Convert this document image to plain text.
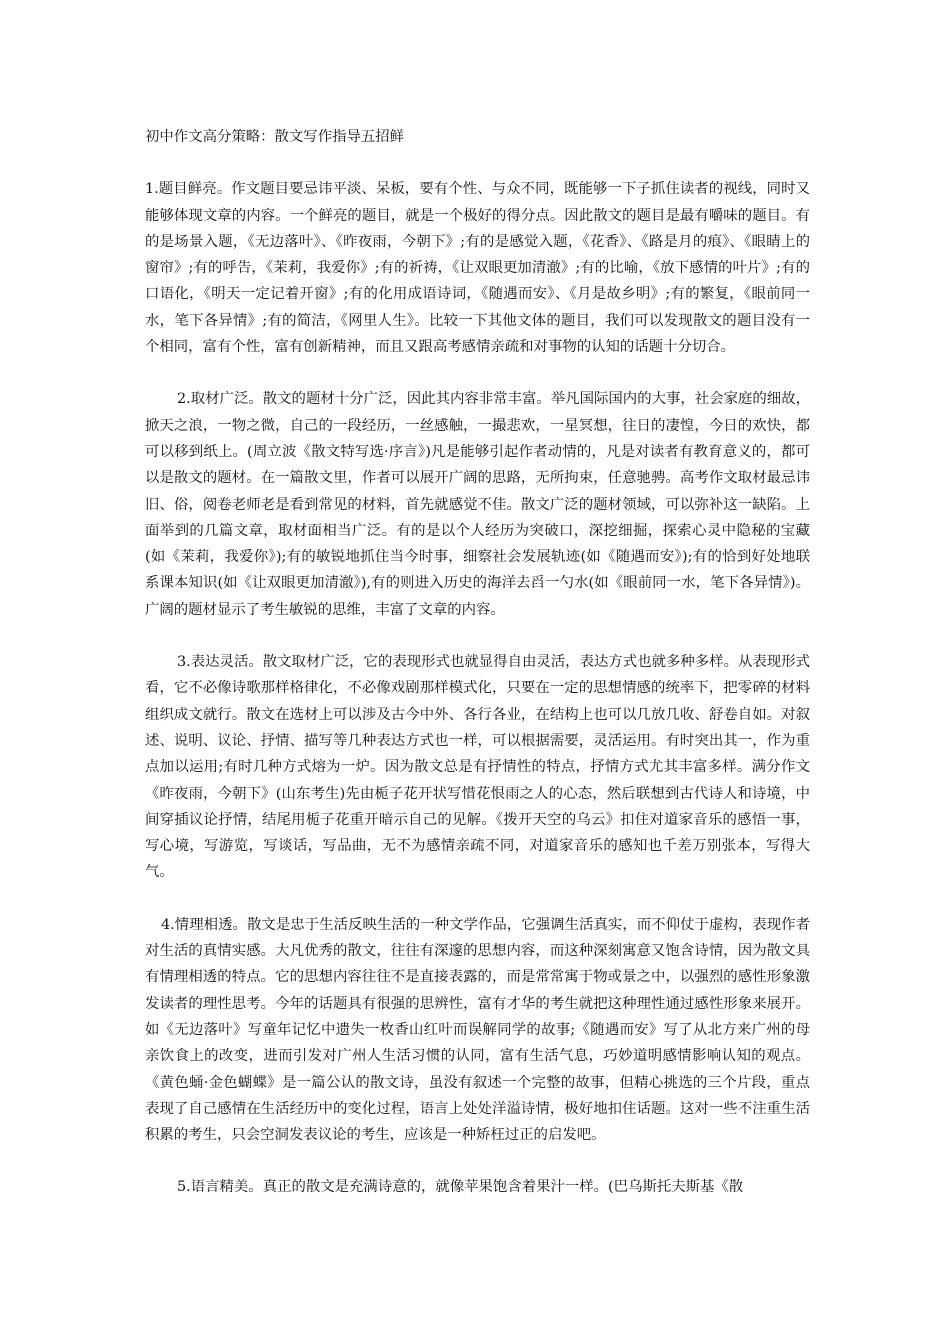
初中作文高分策略：散文写作指导五招鲜

1.题目鲜亮。作文题目要忌讳平淡、呆板，要有个性、与众不同，既能够一下子抓住读者的视线，同时又能够体现文章的内容。一个鲜亮的题目，就是一个极好的得分点。因此散文的题目是最有嚼味的题目。有的是场景入题，《无边落叶》、《昨夜雨，今朝下》;有的是感觉入题，《花香》、《路是月的痕》、《眼睛上的窗帘》;有的呼告，《茉莉，我爱你》;有的祈祷，《让双眼更加清澈》;有的比喻，《放下感情的叶片》;有的口语化，《明天一定记着开窗》;有的化用成语诗词，《随遇而安》、《月是故乡明》;有的繁复，《眼前同一水，笔下各异情》;有的简洁，《网里人生》。比较一下其他文体的题目，我们可以发现散文的题目没有一个相同，富有个性，富有创新精神，而且又跟高考感情亲疏和对事物的认知的话题十分切合。

2.取材广泛。散文的题材十分广泛，因此其内容非常丰富。举凡国际国内的大事，社会家庭的细故，掀天之浪，一物之微，自己的一段经历，一丝感触，一撮悲欢，一星冥想，往日的凄惶，今日的欢快，都可以移到纸上。(周立波《散文特写选·序言》)凡是能够引起作者动情的，凡是对读者有教育意义的，都可以是散文的题材。在一篇散文里，作者可以展开广阔的思路，无所拘束，任意驰骋。高考作文取材最忌讳旧、俗，阅卷老师老是看到常见的材料，首先就感觉不佳。散文广泛的题材领域，可以弥补这一缺陷。上面举到的几篇文章，取材面相当广泛。有的是以个人经历为突破口，深挖细掘，探索心灵中隐秘的宝藏(如《茉莉，我爱你》);有的敏锐地抓住当今时事，细察社会发展轨迹(如《随遇而安》);有的恰到好处地联系课本知识(如《让双眼更加清澈》),有的则进入历史的海洋去舀一勺水(如《眼前同一水，笔下各异情》)。广阔的题材显示了考生敏锐的思维，丰富了文章的内容。

3.表达灵活。散文取材广泛，它的表现形式也就显得自由灵活，表达方式也就多种多样。从表现形式看，它不必像诗歌那样格律化，不必像戏剧那样模式化，只要在一定的思想情感的统率下，把零碎的材料组织成文就行。散文在选材上可以涉及古今中外、各行各业，在结构上也可以几放几收、舒卷自如。对叙述、说明、议论、抒情、描写等几种表达方式也一样，可以根据需要，灵活运用。有时突出其一，作为重点加以运用;有时几种方式熔为一炉。因为散文总是有抒情性的特点，抒情方式尤其丰富多样。满分作文《昨夜雨，今朝下》(山东考生)先由栀子花开状写惜花恨雨之人的心态，然后联想到古代诗人和诗境，中间穿插议论抒情，结尾用栀子花重开暗示自己的见解。《拨开天空的乌云》扣住对道家音乐的感悟一事，写心境，写游览，写谈话，写品曲，无不为感情亲疏不同，对道家音乐的感知也千差万别张本，写得大气。

4.情理相透。散文是忠于生活反映生活的一种文学作品，它强调生活真实，而不仰仗于虚构，表现作者对生活的真情实感。大凡优秀的散文，往往有深邃的思想内容，而这种深刻寓意又饱含诗情，因为散文具有情理相透的特点。它的思想内容往往不是直接表露的，而是常常寓于物或景之中，以强烈的感性形象激发读者的理性思考。今年的话题具有很强的思辨性，富有才华的考生就把这种理性通过感性形象来展开。如《无边落叶》写童年记忆中遗失一枚香山红叶而误解同学的故事;《随遇而安》写了从北方来广州的母亲饮食上的改变，进而引发对广州人生活习惯的认同，富有生活气息，巧妙道明感情影响认知的观点。《黄色蛹·金色蝴蝶》是一篇公认的散文诗，虽没有叙述一个完整的故事，但精心挑选的三个片段，重点表现了自己感情在生活经历中的变化过程，语言上处处洋溢诗情，极好地扣住话题。这对一些不注重生活积累的考生，只会空洞发表议论的考生，应该是一种矫枉过正的启发吧。

5.语言精美。真正的散文是充满诗意的，就像苹果饱含着果汁一样。(巴乌斯托夫斯基《散
